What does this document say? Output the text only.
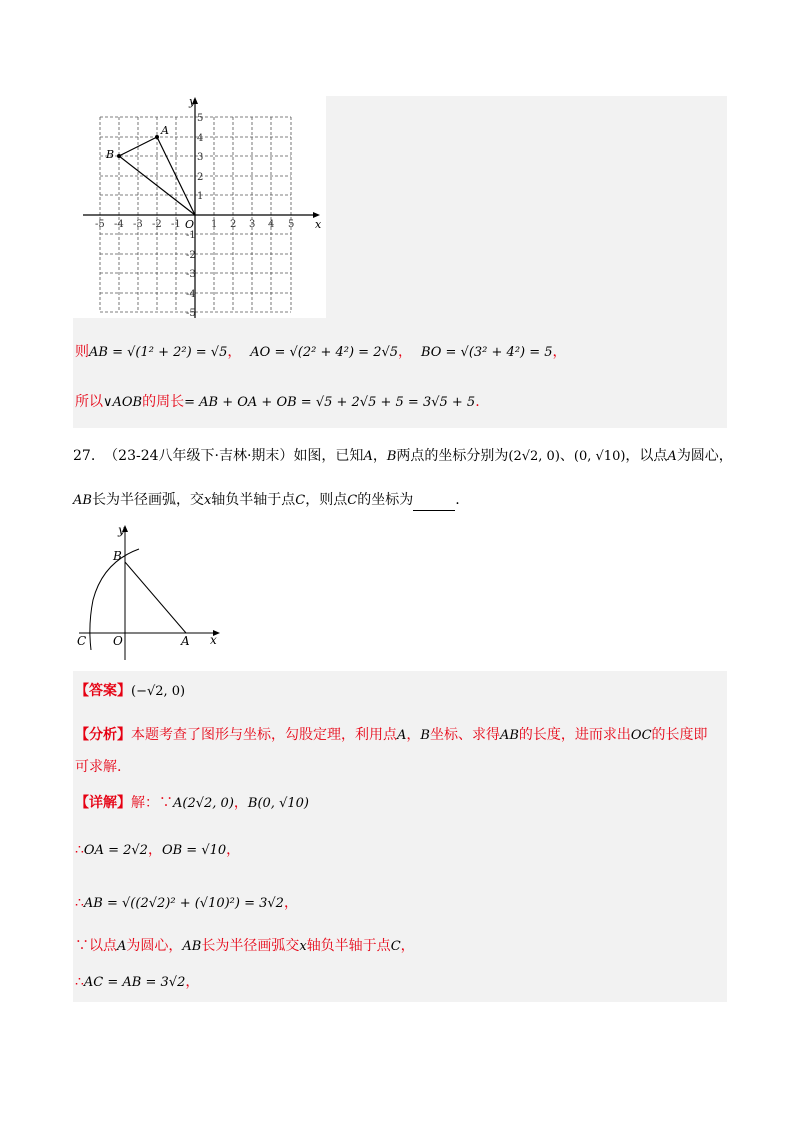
y
x
O
A
B
5
4
3
2
1
-1
-2
-3
-4
-5
-5 -4 -3 -2 -1	1 2 3 4 5
则AB = √(1² + 2²) = √5， AO = √(2² + 4²) = 2√5， BO = √(3² + 4²) = 5，
所以∨AOB的周长= AB + OA + OB = √5 + 2√5 + 5 = 3√5 + 5.
27. （23-24八年级下·吉林·期末）如图，已知A，B两点的坐标分别为(2√2, 0)、(0, √10)，以点A为圆心，
AB长为半径画弧，交x轴负半轴于点C，则点C的坐标为	.
y
B
C O	A x
【答案】(−√2, 0)
【分析】本题考查了图形与坐标，勾股定理，利用点A，B坐标、求得AB的长度，进而求出OC的长度即
可求解.
【详解】解：∵A(2√2, 0)，B(0, √10)
∴OA = 2√2，OB = √10，
∴AB = √((2√2)² + (√10)²) = 3√2，
∵以点A为圆心，AB长为半径画弧交x轴负半轴于点C，
∴AC = AB = 3√2，
